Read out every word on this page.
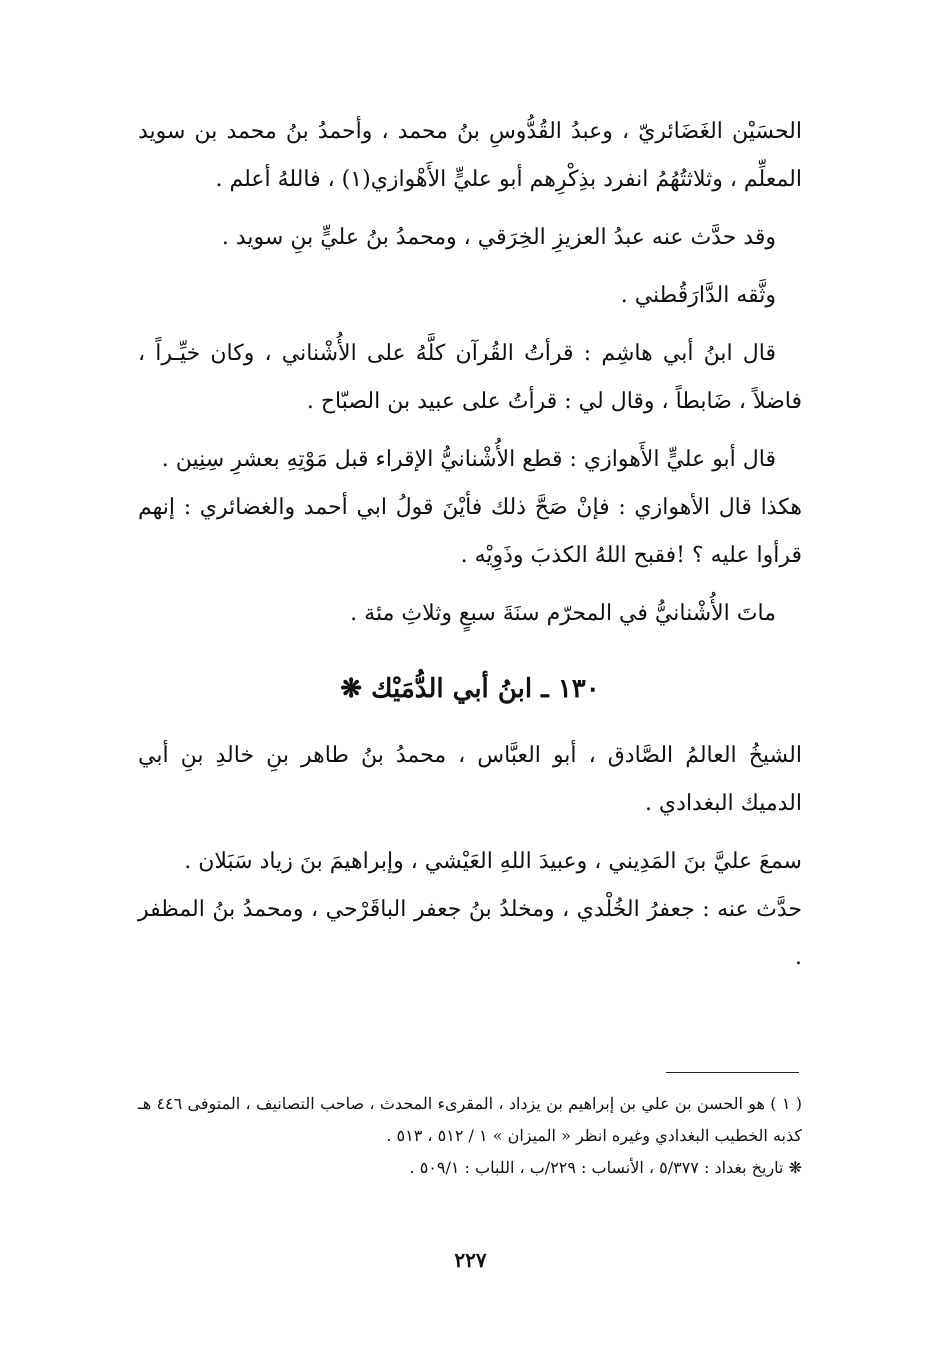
الحسَيْن الغَضَائريّ ، وعبدُ القُدُّوسِ بنُ محمد ، وأحمدُ بنُ محمد بن سويد المعلِّم ، وثلاثتُهُمُ انفرد بذِكْرِهم أبو عليٍّ الأَهْوازي(١) ، فاللهُ أعلم .

وقد حدَّث عنه عبدُ العزيزِ الخِرَقي ، ومحمدُ بنُ عليٍّ بنِ سويد .

وثَّقه الدَّارَقُطني .

قال ابنُ أبي هاشِم : قرأتُ القُرآن كلَّهُ على الأُشْناني ، وكان خيِّـراً ، فاضلاً ، ضَابطاً ، وقال لي : قرأتُ على عبيد بن الصبّاح .

قال أبو عليٍّ الأَهوازي : قطع الأُشْنانيُّ الإقراء قبل مَوْتِهِ بعشرِ سِنِين .

هكذا قال الأهوازي : فإنْ صَحَّ ذلك فأيْنَ قولُ ابي أحمد والغضائري : إنهم قرأوا عليه ؟ !فقبح اللهُ الكذبَ وذَوِيْه .

ماتَ الأُشْنانيُّ في المحرّم سنَةَ سبعٍ وثلاثِ مئة .

١٣٠ ـ ابنُ أبي الدُّمَيْك ❋

الشيخُ العالمُ الصَّادق ، أبو العبَّاس ، محمدُ بنُ طاهر بنِ خالدِ بنِ أبي الدميك البغدادي .

سمعَ عليَّ بنَ المَدِيني ، وعبيدَ اللهِ العَيْشي ، وإبراهيمَ بنَ زياد سَبَلان .

حدَّث عنه : جعفرُ الخُلْدي ، ومخلدُ بنُ جعفر الباقَرْحي ، ومحمدُ بنُ المظفر .

( ١ ) هو الحسن بن علي بن إبراهيم بن يزداد ، المقرىء المحدث ، صاحب التصانيف ، المتوفى ٤٤٦ هـ كذبه الخطيب البغدادي وغيره انظر « الميزان » ١ / ٥١٢ ، ٥١٣ .

❋ تاريخ بغداد : ٥/٣٧٧ ، الأنساب : ٢٢٩/ب ، اللباب : ٥٠٩/١ .

٢٢٧
